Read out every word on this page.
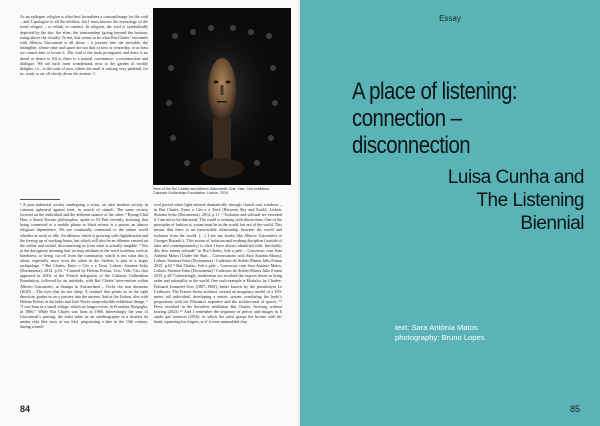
As an epilogue, religion is what best formulates a concept/image for the void – and I apologise to all the nihilists, but I must borrow the etymology of the word religare – to relink, to connect. In religion, the void is symbolically depicted by the sky: the ether, the transcendent (going beyond the horizon, rising above the clouds). To me, this seems to be what Rui Chafes’ encounter with Alberto Giacometti is all about – a journey into the invisible, the intangible, whose time and space are not that of now or yesterday, or at least we cannot date or locate it. The void is the main protagonist and there is no dread or desire to fill it; there is a natural coexistence: a reconnection and dialogue. We are back from wonderland, now to the garden of earthly delights, i.e., to the rush of now, where the snail is waiting very patiently for us, ready to set off slowly down the avenue. //
View of the Rui Chafes and Alberto Giacometti: Gris, Vide, Cris exhibition, Calouste Gulbenkian Foundation, Lisbon, 2019.
¹ A post-industrial society undergoing a crisis, an alert modern society in constant upheaval against time, in search of stimuli. The same society focused on the individual and the different nuance of the other. ² Byung-Chul Han, a South Korean philosopher, spoke to El País recently, stressing that being connected to a mobile phone or black mirror is a prison, an almost religious dependence. We are continually connected to the online world whether at work or idle. An idleness which is growing with digitalisation and the freeing up of working hours, but which will also be an idleness centred on the online and virtual, disconnecting us from what is actually tangible. ³ Not in the derogatory meaning that we may attribute to the word isolation, such as loneliness, or being cut off from the community, which is not what this is about, especially since even the silent in the Ateliers is part of a larger archipelago. ⁴ Rui Chafes, Entre o Céu e a Terra, Lisbon: Sistema Solar (Documenta), 2014, p.53. ⁵ Curated by Helena Freitas, Gris, Vide, Cris first appeared in 2018, at the French delegation of the Calouste Gulbenkian Foundation, followed by an interlude, with Rui Chafes’ intervention within Alberto Giacometti, at Stampa in Switzerland – Occhi che non dormono (2020) – The eyes that do not sleep. A sentinel that points us in the right direction, guides us on a journey into the unseen. And at the Lisbon, also with Helena Freitas at the helm and José Neves irreproducible exhibition design. ⁶ “I was born in a small village, which no longer exists, in Fronteira, Bregaglia, in 1866.” While Rui Chafes was born in 1966. Interestingly the year of Giacometti’s passing, the artist takes us an autobiography in a história da minha vida [the story of my life], pinpointing a date in the 13th century, during a medi-
eval period when light entered dramatically through church rose windows – in Rui Chafes, Entre o Céu e a Terra [Between Sky and Earth], Lisbon: Sistema Solar (Documenta), 2014, p.11 ⁷ “Isolation and solitude are essential if I am not to be distracted. The world is teeming with distractions. One of the principles of fashion is: a man must be in the world, but not of the world. This means that there is an inextricable relationship between the world and isolation from the world. (…) I see my studio like Alberto Giacometti or Georges Rouault’s. This notion of isolation and working discipline (outside of time and contemporaneity) is what I have always identified with. Inevitably, this also means solitude” in Rui Chafes, Sob a pele – Conversas com Sara Antónia Matos [Under the Skin – Conversations with Sara Antónia Matos], Lisbon: Sistema Solar (Documenta) / Cadernos do Atelier-Museu Júlio Pomar 2015, p.63 ⁸ Rui Chafes, Sob a pele – Conversas com Sara Antónia Matos, Lisbon: Sistema Solar (Documenta) / Cadernos do Atelier-Museu Júlio Pomar 2015, p.28 ⁹ Interestingly, modernism are ascribed the express desire to bring order and rationality to the world. One such example is Modulor, by Charles-Édouard Jeanneret-Gris (1887–1965), better known by the pseudonym Le Corbusier. The Franco-Swiss architect created an imaginary model of a 183-metre tall individual, developing a metric system correlating the body’s proportions with the Fibonacci sequence and the architectural of spaces. ¹⁰ Piece revisited in the Serralves exhibition Rui Chafes: Arriving without leaving (2023) ¹¹ And I remember the sequence of pieces and images in E ainda que comecas (2016), in which the artist grasps the bronze with his hand, squeezing his fingers, as if it were unmoulded clay.
84
Essay
A place of listening:
connection –
disconnection
Luisa Cunha and
The Listening
Biennial
text: Sara Antónia Matos
photography: Bruno Lopes
85
